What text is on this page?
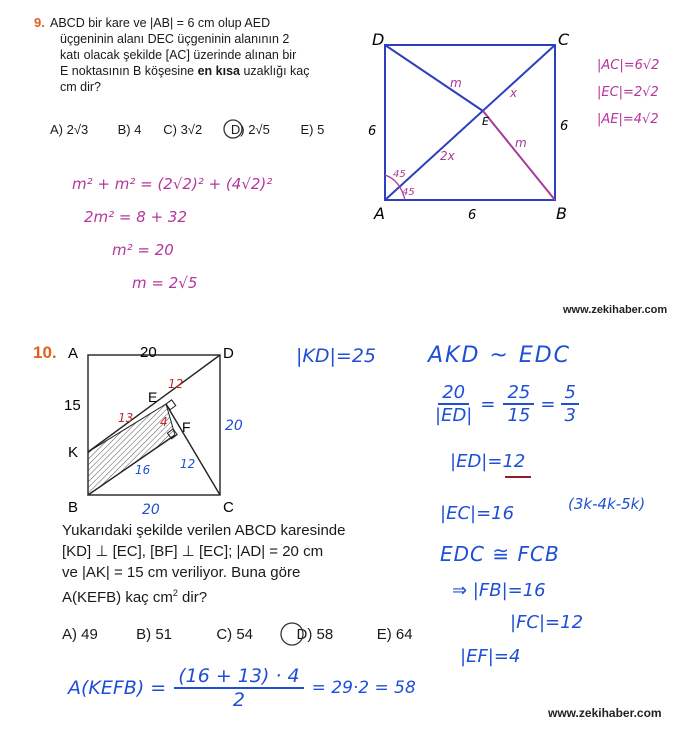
9. ABCD bir kare ve |AB| = 6 cm olup AED
üçgeninin alanı DEC üçgeninin alanının 2
katı olacak şekilde [AC] üzerinde alınan bir
E noktasının B köşesine en kısa uzaklığı kaç
cm dir?
A) 2√3 B) 4 C) 3√2 D) 2√5 E) 5
m² + m² = (2√2)² + (4√2)²
2m² = 8 + 32
m² = 20
m = 2√5
D	C
A	B
6	6
6
m
x
E
m
2x
45
45
|AC|=6√2
|EC|=2√2
|AE|=4√2
www.zekihaber.com
10. A	D
B	C
K
E
F
20
15
20
20
12
13 4
16 12
Yukarıdaki şekilde verilen ABCD karesinde
[KD] ⊥ [EC], [BF] ⊥ [EC]; |AD| = 20 cm
ve |AK| = 15 cm veriliyor. Buna göre
A(KEFB) kaç $cm^2$ dir?
A) 49	B) 51	C) 54	D) 58	E) 64
A(KEFB) = $\frac{(16 + 13) \cdot 4}{2} = 29\cdot 2 = 58$
|KD|=25 AKD ~ EDC
$\frac{20}{|ED|} = \frac{25}{15} = \frac{5}{3}$
|ED|=12
|EC|=16	(3k-4k-5k)
EDC ≅ FCB
⇒ |FB|=16
|FC|=12
|EF|=4
www.zekihaber.com
